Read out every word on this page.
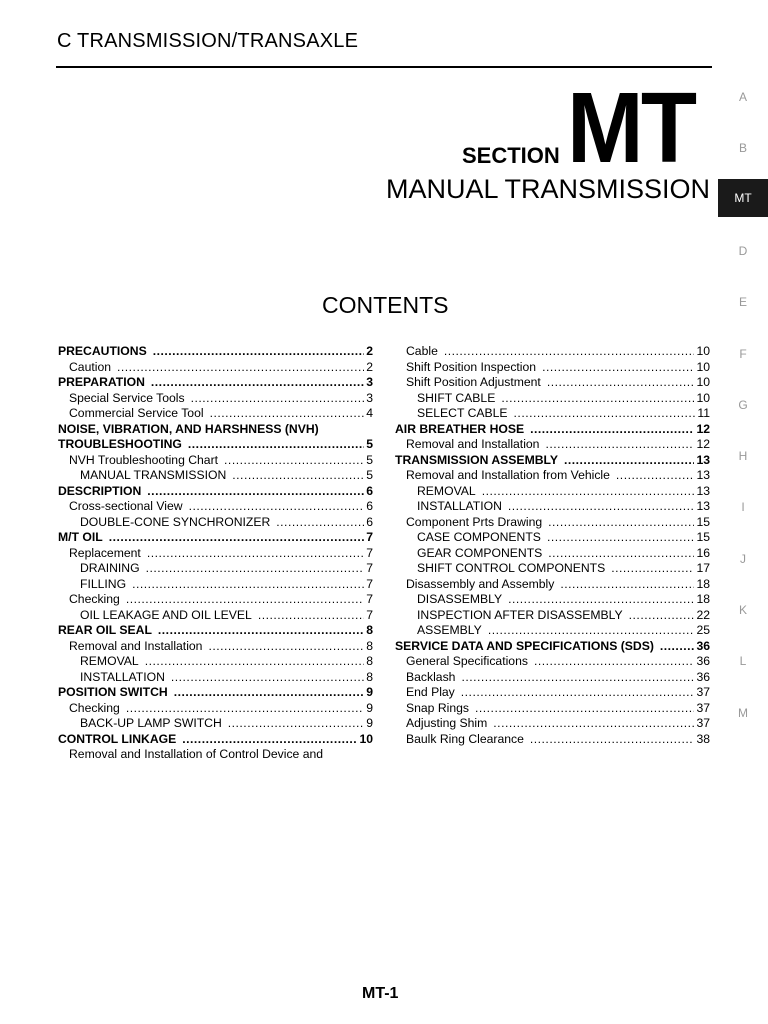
C TRANSMISSION/TRANSAXLE
SECTION MT
MANUAL TRANSMISSION
CONTENTS
A
B
MT
D
E
F
G
H
I
J
K
L
M
PRECAUTIONS .....	2
Caution .....	2
PREPARATION .....	3
Special Service Tools .....	3
Commercial Service Tool .....	4
NOISE, VIBRATION, AND HARSHNESS (NVH)
TROUBLESHOOTING .....	5
NVH Troubleshooting Chart .....	5
MANUAL TRANSMISSION .....	5
DESCRIPTION .....	6
Cross-sectional View .....	6
DOUBLE-CONE SYNCHRONIZER .....	6
M/T OIL .....	7
Replacement .....	7
DRAINING .....	7
FILLING .....	7
Checking .....	7
OIL LEAKAGE AND OIL LEVEL .....	7
REAR OIL SEAL .....	8
Removal and Installation .....	8
REMOVAL .....	8
INSTALLATION .....	8
POSITION SWITCH .....	9
Checking .....	9
BACK-UP LAMP SWITCH .....	9
CONTROL LINKAGE .....	10
Removal and Installation of Control Device and
Cable .....	10
Shift Position Inspection .....	10
Shift Position Adjustment .....	10
SHIFT CABLE .....	10
SELECT CABLE .....	11
AIR BREATHER HOSE .....	12
Removal and Installation .....	12
TRANSMISSION ASSEMBLY .....	13
Removal and Installation from Vehicle .....	13
REMOVAL .....	13
INSTALLATION .....	13
Component Prts Drawing .....	15
CASE COMPONENTS .....	15
GEAR COMPONENTS .....	16
SHIFT CONTROL COMPONENTS .....	17
Disassembly and Assembly .....	18
DISASSEMBLY .....	18
INSPECTION AFTER DISASSEMBLY .....	22
ASSEMBLY .....	25
SERVICE DATA AND SPECIFICATIONS (SDS) .....	36
General Specifications .....	36
Backlash .....	36
End Play .....	37
Snap Rings .....	37
Adjusting Shim .....	37
Baulk Ring Clearance .....	38
MT-1
